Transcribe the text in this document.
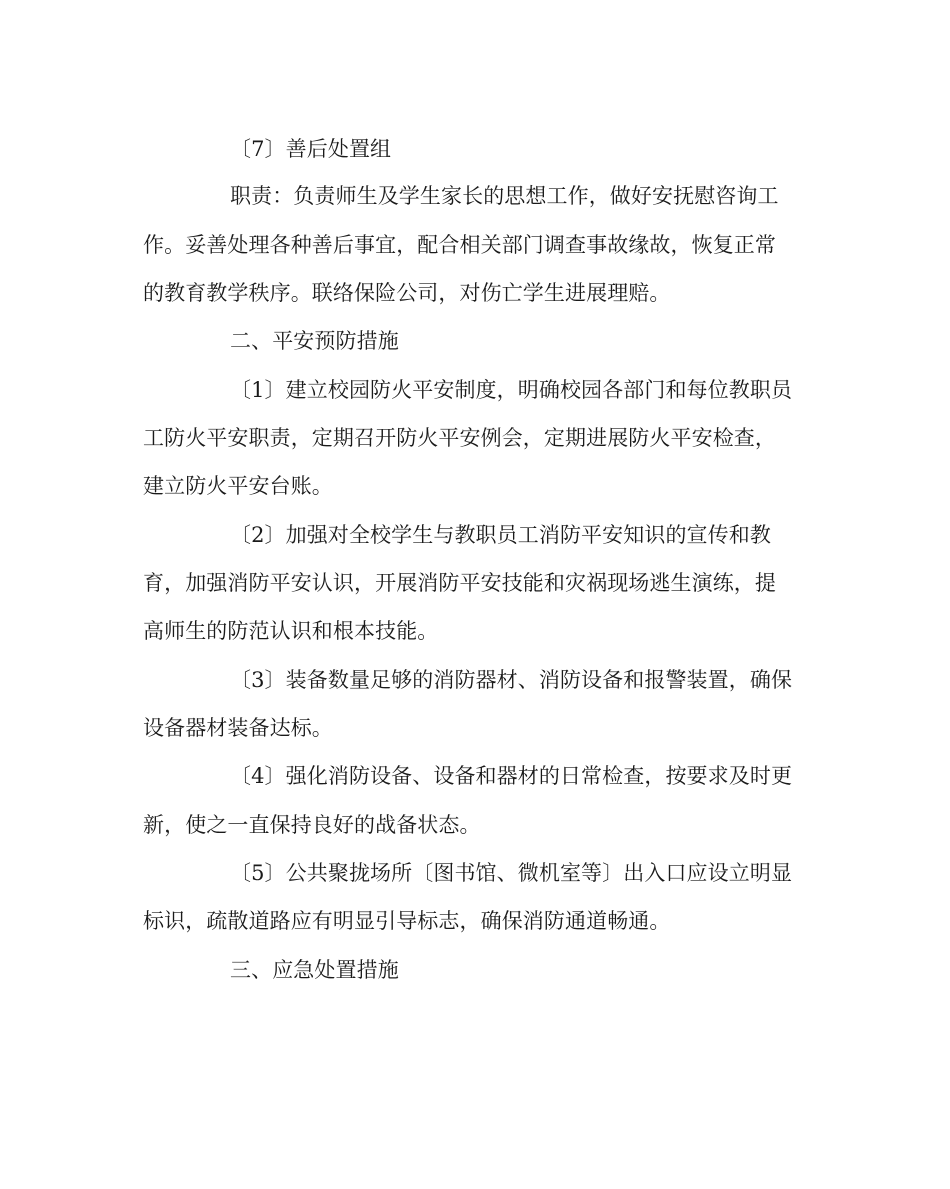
〔7〕善后处置组

职责：负责师生及学生家长的思想工作，做好安抚慰咨询工

作。妥善处理各种善后事宜，配合相关部门调查事故缘故，恢复正常

的教育教学秩序。联络保险公司，对伤亡学生进展理赔。

二、平安预防措施

〔1〕建立校园防火平安制度，明确校园各部门和每位教职员

工防火平安职责，定期召开防火平安例会，定期进展防火平安检查，

建立防火平安台账。

〔2〕加强对全校学生与教职员工消防平安知识的宣传和教

育，加强消防平安认识，开展消防平安技能和灾祸现场逃生演练，提

高师生的防范认识和根本技能。

〔3〕装备数量足够的消防器材、消防设备和报警装置，确保

设备器材装备达标。

〔4〕强化消防设备、设备和器材的日常检查，按要求及时更

新，使之一直保持良好的战备状态。

〔5〕公共聚拢场所〔图书馆、微机室等〕出入口应设立明显

标识，疏散道路应有明显引导标志，确保消防通道畅通。

三、应急处置措施
